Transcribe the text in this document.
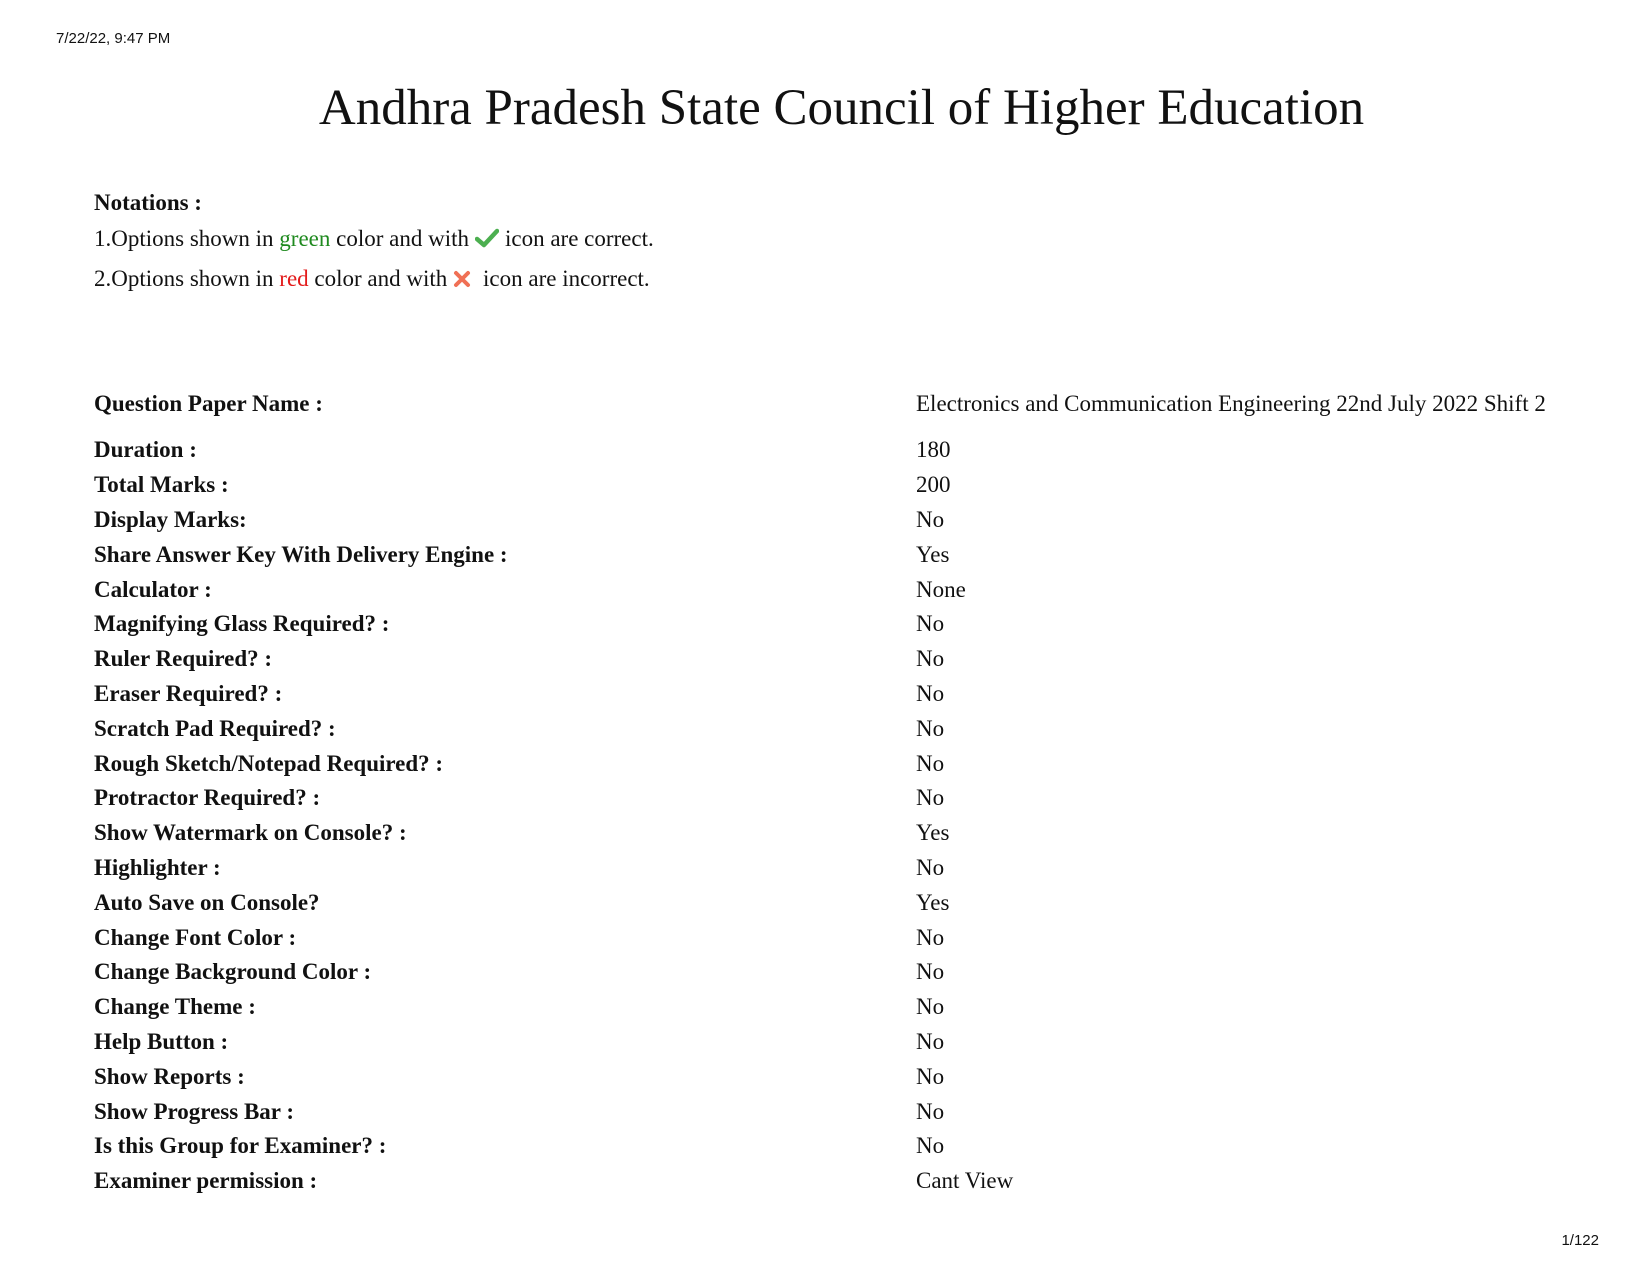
7/22/22, 9:47 PM
Andhra Pradesh State Council of Higher Education
Notations :
1.Options shown in green color and with icon are correct.
2.Options shown in red color and with icon are incorrect.
Question Paper Name :	Electronics and Communication Engineering 22nd July 2022 Shift 2

Duration :	180

Total Marks :	200

Display Marks:	No

Share Answer Key With Delivery Engine :	Yes

Calculator :	None

Magnifying Glass Required? :	No

Ruler Required? :	No

Eraser Required? :	No

Scratch Pad Required? :	No

Rough Sketch/Notepad Required? :	No

Protractor Required? :	No

Show Watermark on Console? :	Yes

Highlighter :	No

Auto Save on Console?	Yes

Change Font Color :	No

Change Background Color :	No

Change Theme :	No

Help Button :	No

Show Reports :	No

Show Progress Bar :	No

Is this Group for Examiner? :	No

Examiner permission :	Cant View
1/122
